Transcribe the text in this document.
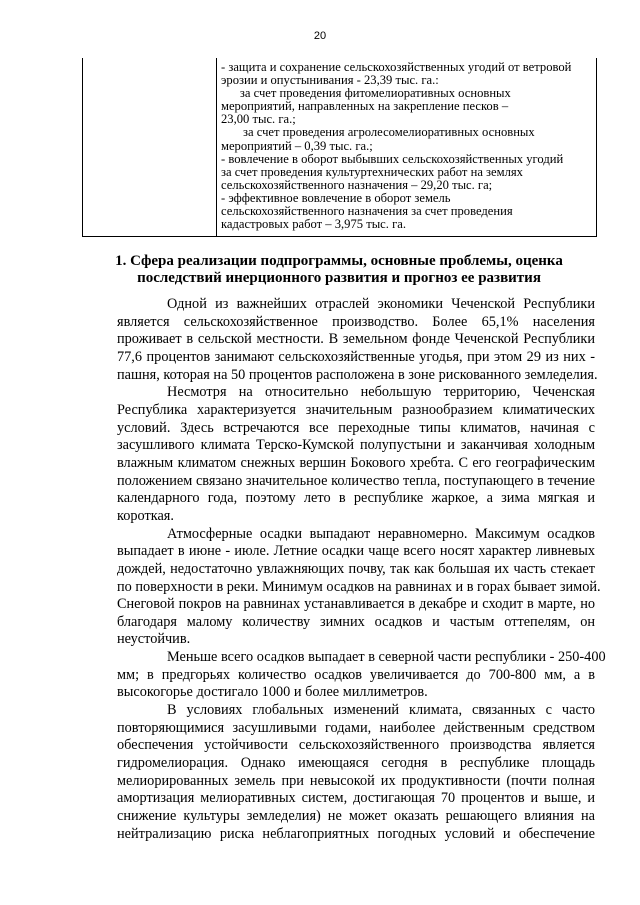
20
- защита и сохранение сельскохозяйственных угодий от ветровой
эрозии и опустынивания - 23,39 тыс. га.:
за счет проведения фитомелиоративных основных
мероприятий, направленных на закрепление песков –
23,00 тыс. га.;
за счет проведения агролесомелиоративных основных
мероприятий – 0,39 тыс. га.;
- вовлечение в оборот выбывших сельскохозяйственных угодий
за счет проведения культуртехнических работ на землях
сельскохозяйственного назначения – 29,20 тыс. га;
- эффективное вовлечение в оборот земель
сельскохозяйственного назначения за счет проведения
кадастровых работ – 3,975 тыс. га.
1. Сфера реализации подпрограммы, основные проблемы, оценка
последствий инерционного развития и прогноз ее развития
Одной из важнейших отраслей экономики Чеченской Республики
является сельскохозяйственное производство. Более 65,1% населения
проживает в сельской местности. В земельном фонде Чеченской Республики
77,6 процентов занимают сельскохозяйственные угодья, при этом 29 из них -
пашня, которая на 50 процентов расположена в зоне рискованного земледелия.
Несмотря на относительно небольшую территорию, Чеченская
Республика характеризуется значительным разнообразием климатических
условий. Здесь встречаются все переходные типы климатов, начиная с
засушливого климата Терско-Кумской полупустыни и заканчивая холодным
влажным климатом снежных вершин Бокового хребта. С его географическим
положением связано значительное количество тепла, поступающего в течение
календарного года, поэтому лето в республике жаркое, а зима мягкая и
короткая.
Атмосферные осадки выпадают неравномерно. Максимум осадков
выпадает в июне - июле. Летние осадки чаще всего носят характер ливневых
дождей, недостаточно увлажняющих почву, так как большая их часть стекает
по поверхности в реки. Минимум осадков на равнинах и в горах бывает зимой.
Снеговой покров на равнинах устанавливается в декабре и сходит в марте, но
благодаря малому количеству зимних осадков и частым оттепелям, он
неустойчив.
Меньше всего осадков выпадает в северной части республики - 250-400
мм; в предгорьях количество осадков увеличивается до 700-800 мм, а в
высокогорье достигало 1000 и более миллиметров.
В условиях глобальных изменений климата, связанных с часто
повторяющимися засушливыми годами, наиболее действенным средством
обеспечения устойчивости сельскохозяйственного производства является
гидромелиорация. Однако имеющаяся сегодня в республике площадь
мелиорированных земель при невысокой их продуктивности (почти полная
амортизация мелиоративных систем, достигающая 70 процентов и выше, и
снижение культуры земледелия) не может оказать решающего влияния на
нейтрализацию риска неблагоприятных погодных условий и обеспечение
